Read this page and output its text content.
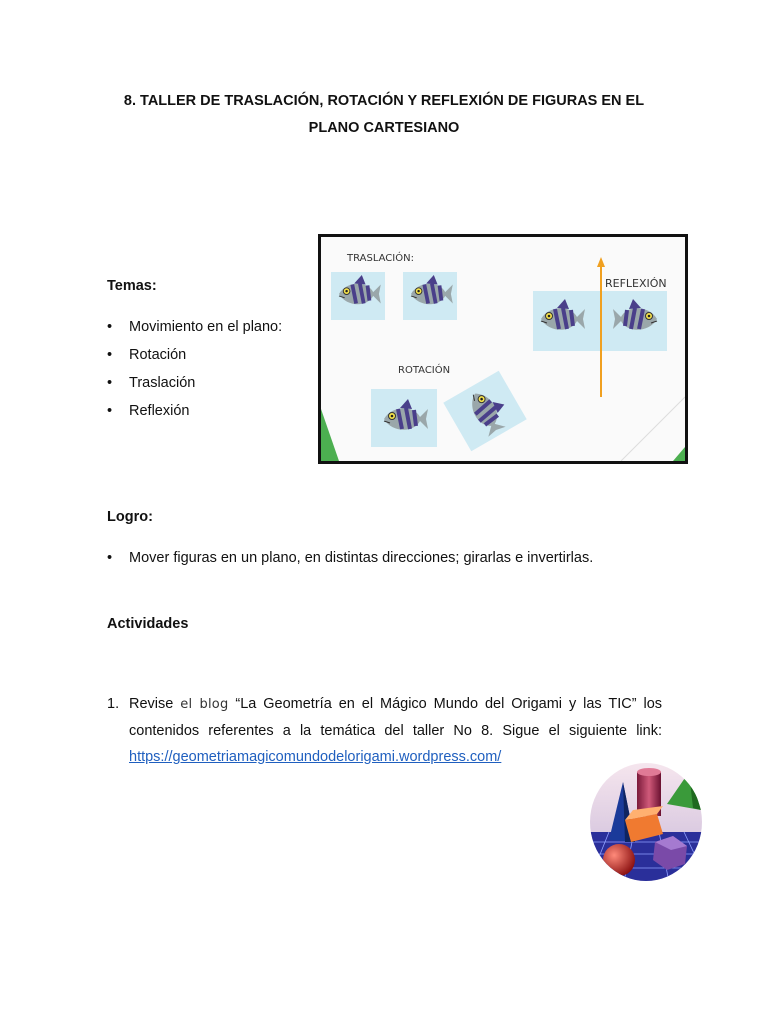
8. TALLER DE TRASLACIÓN, ROTACIÓN Y REFLEXIÓN DE FIGURAS EN EL
PLANO CARTESIANO
Temas:
• Movimiento en el plano:
• Rotación
• Traslación
• Reflexión
TRASLACIÓN:
REFLEXIÓN
ROTACIÓN
Logro:
• Mover figuras en un plano, en distintas direcciones; girarlas e invertirlas.
Actividades
1. Revise el blog “La Geometría en el Mágico Mundo del Origami y las TIC” los contenidos referentes a la temática del taller No 8. Sigue el siguiente link: https://geometriamagicomundodelorigami.wordpress.com/
